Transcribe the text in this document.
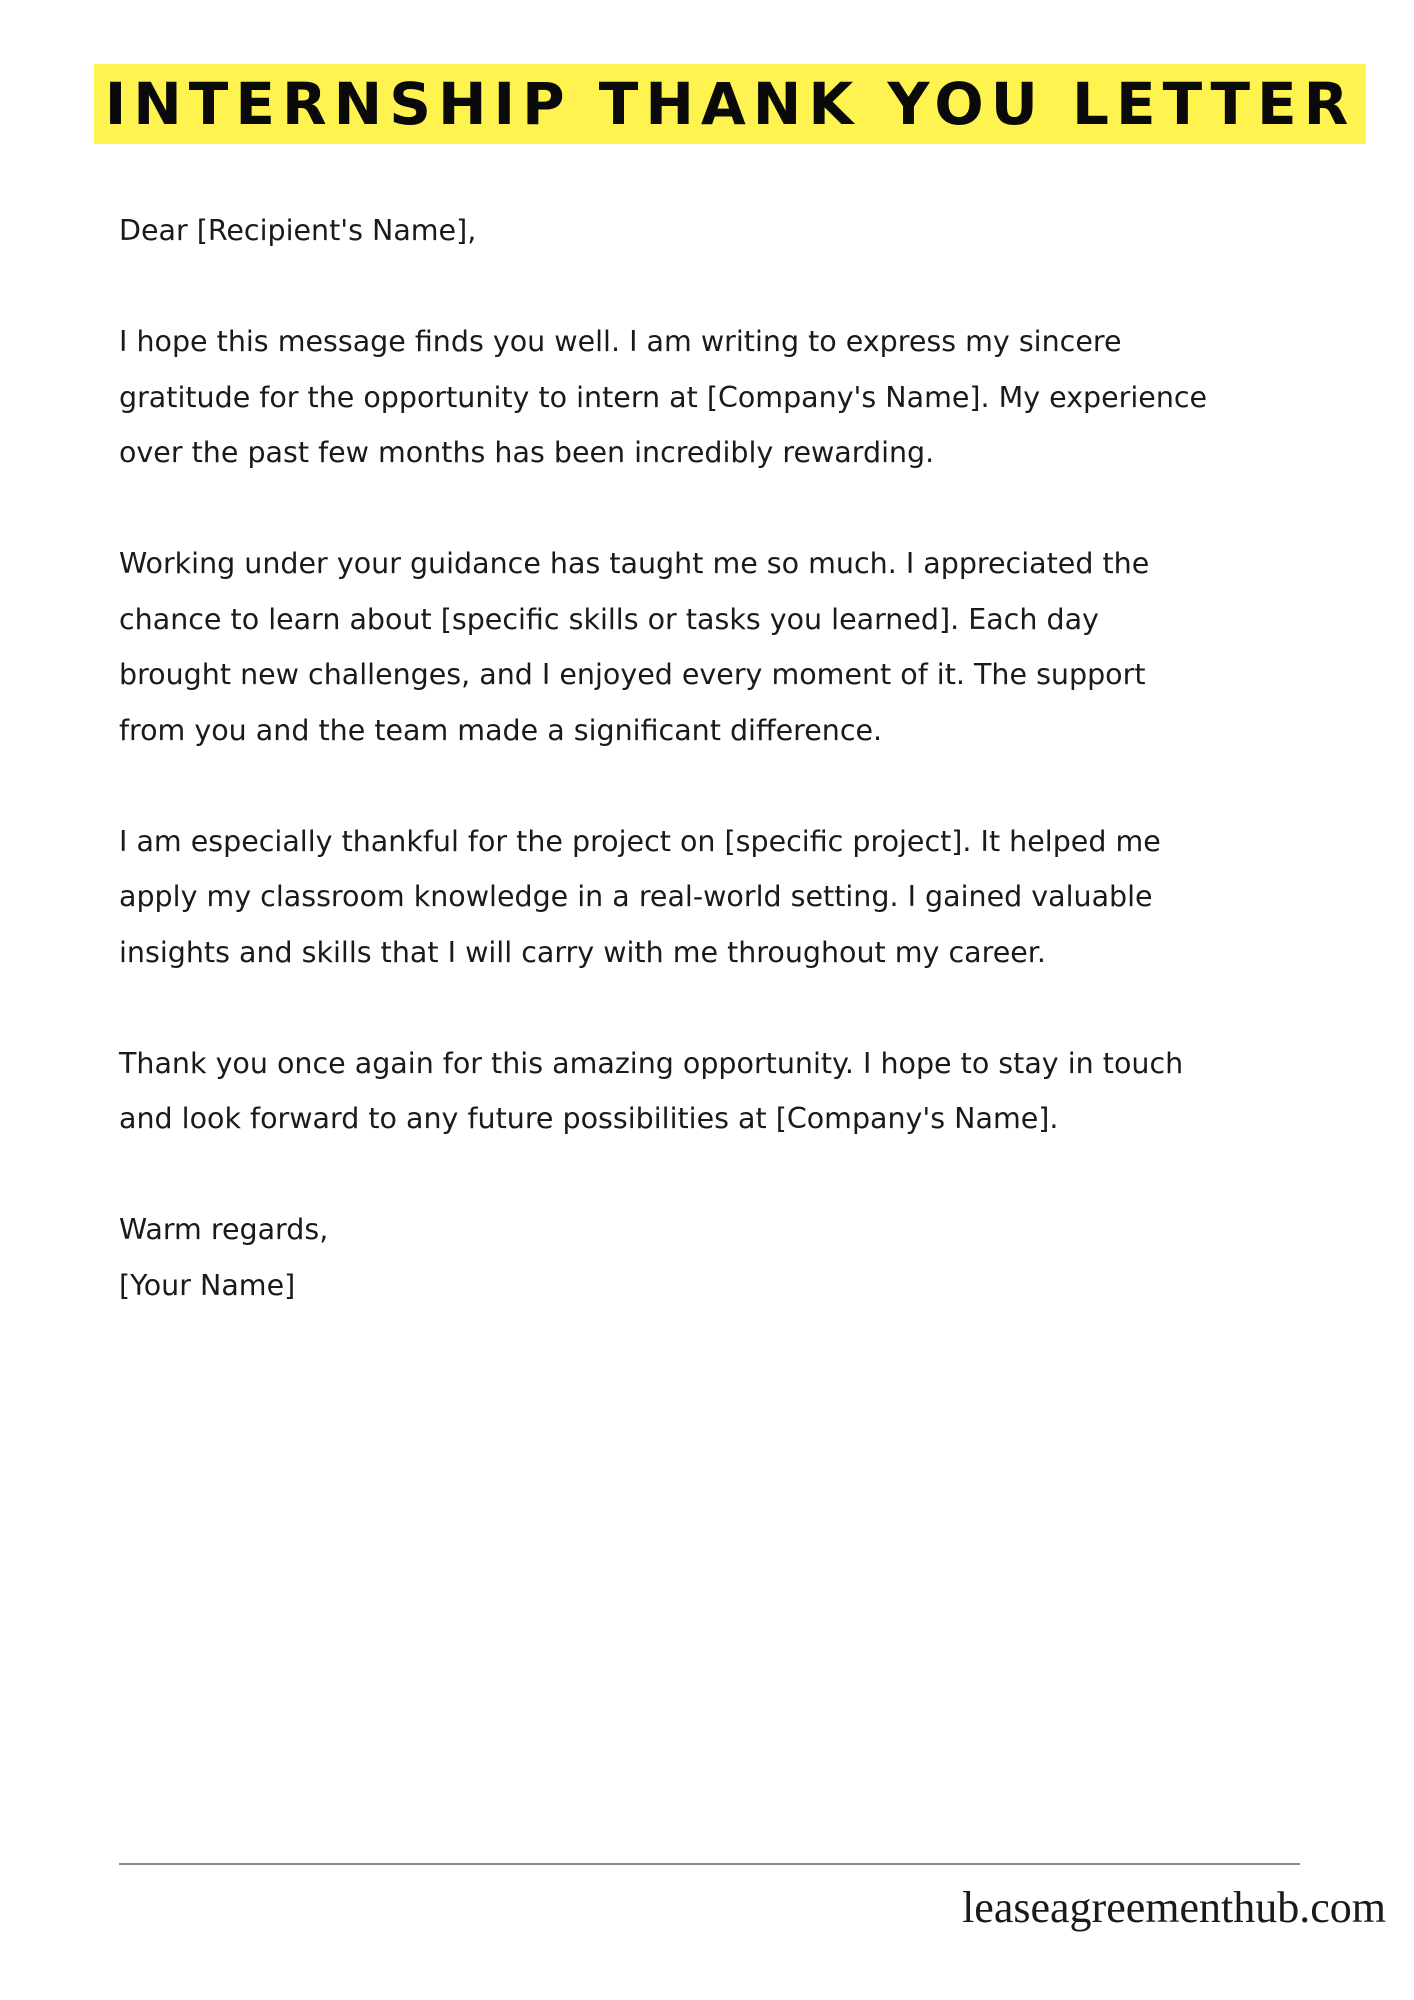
INTERNSHIP THANK YOU LETTER

Dear [Recipient's Name],

I hope this message finds you well. I am writing to express my sincere
gratitude for the opportunity to intern at [Company's Name]. My experience
over the past few months has been incredibly rewarding.

Working under your guidance has taught me so much. I appreciated the
chance to learn about [specific skills or tasks you learned]. Each day
brought new challenges, and I enjoyed every moment of it. The support
from you and the team made a significant difference.

I am especially thankful for the project on [specific project]. It helped me
apply my classroom knowledge in a real-world setting. I gained valuable
insights and skills that I will carry with me throughout my career.

Thank you once again for this amazing opportunity. I hope to stay in touch
and look forward to any future possibilities at [Company's Name].

Warm regards,
[Your Name]

leaseagreementhub.com
